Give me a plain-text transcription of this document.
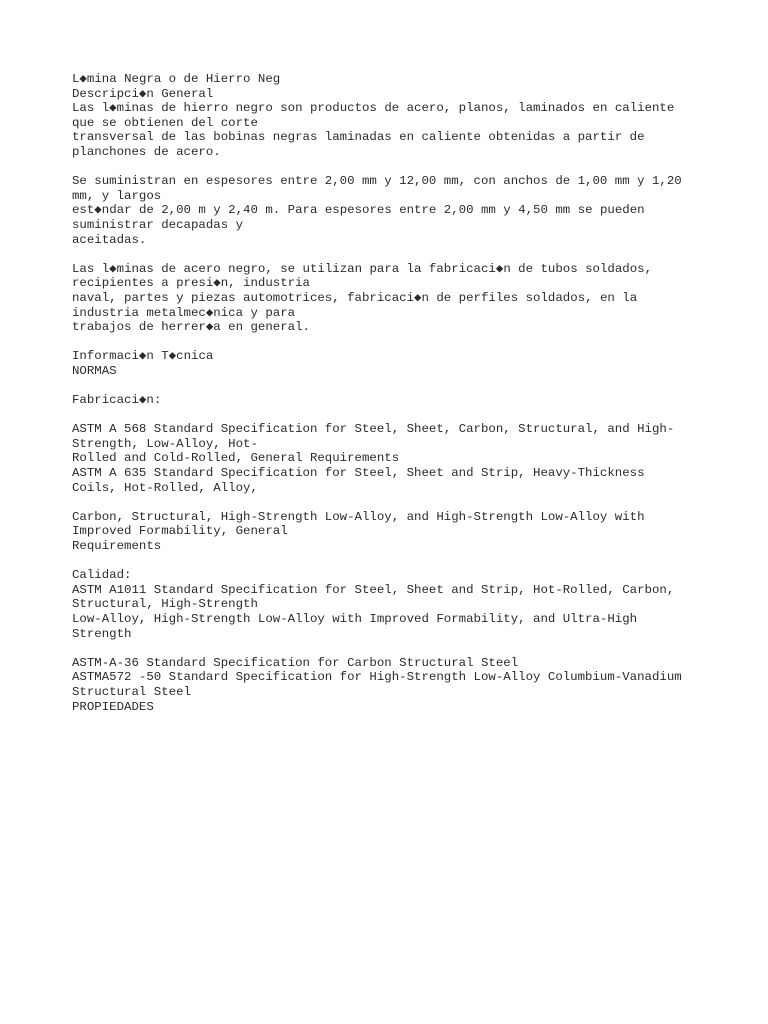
L◆mina Negra o de Hierro Neg
Descripci◆n General
Las l◆minas de hierro negro son productos de acero, planos, laminados en caliente
que se obtienen del corte
transversal de las bobinas negras laminadas en caliente obtenidas a partir de
planchones de acero.
Se suministran en espesores entre 2,00 mm y 12,00 mm, con anchos de 1,00 mm y 1,20
mm, y largos
est◆ndar de 2,00 m y 2,40 m. Para espesores entre 2,00 mm y 4,50 mm se pueden
suministrar decapadas y
aceitadas.
Las l◆minas de acero negro, se utilizan para la fabricaci◆n de tubos soldados,
recipientes a presi◆n, industria
naval, partes y piezas automotrices, fabricaci◆n de perfiles soldados, en la
industria metalmec◆nica y para
trabajos de herrer◆a en general.
Informaci◆n T◆cnica
NORMAS
Fabricaci◆n:
ASTM A 568 Standard Specification for Steel, Sheet, Carbon, Structural, and High-
Strength, Low-Alloy, Hot-
Rolled and Cold-Rolled, General Requirements
ASTM A 635 Standard Specification for Steel, Sheet and Strip, Heavy-Thickness
Coils, Hot-Rolled, Alloy,
Carbon, Structural, High-Strength Low-Alloy, and High-Strength Low-Alloy with
Improved Formability, General
Requirements
Calidad:
ASTM A1011 Standard Specification for Steel, Sheet and Strip, Hot-Rolled, Carbon,
Structural, High-Strength
Low-Alloy, High-Strength Low-Alloy with Improved Formability, and Ultra-High
Strength
ASTM-A-36 Standard Specification for Carbon Structural Steel
ASTMA572 -50 Standard Specification for High-Strength Low-Alloy Columbium-Vanadium
Structural Steel
PROPIEDADES
